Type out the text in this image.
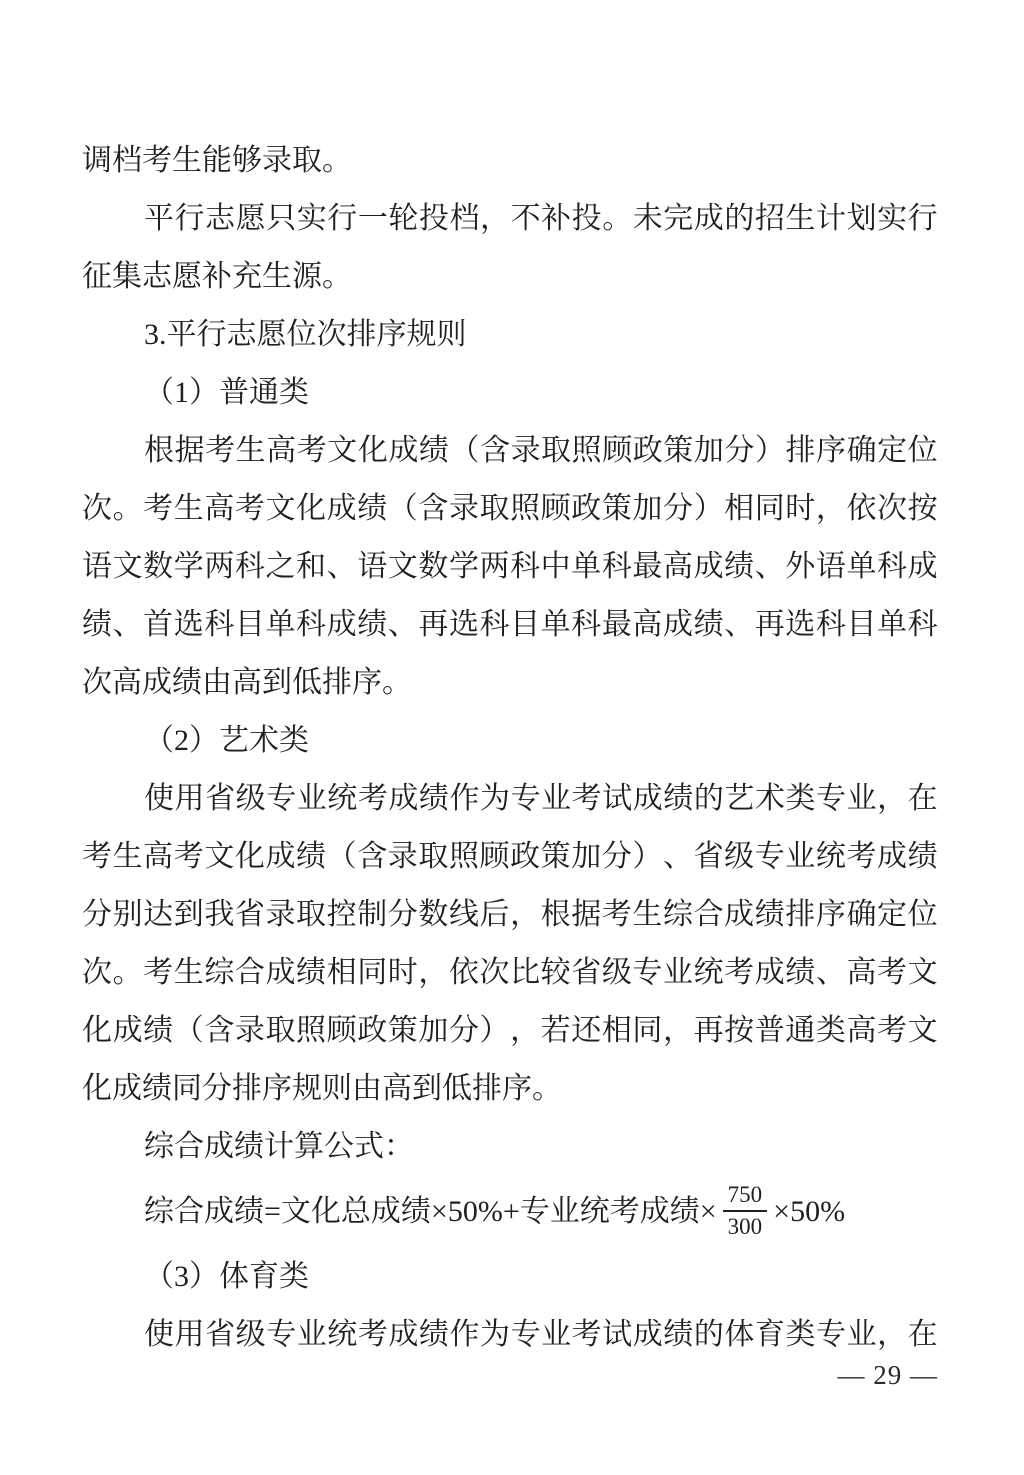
调档考生能够录取。
平 行 志 愿 只 实 行 一 轮 投 档 ， 不 补 投 。 未 完 成 的 招 生 计 划 实 行
征集志愿补充生源。
3.平行志愿位次排序规则
（1）普通类
根 据 考 生 高 考 文 化 成 绩 （ 含 录 取 照 顾 政 策 加 分 ） 排 序 确 定 位
次 。 考 生 高 考 文 化 成 绩 （ 含 录 取 照 顾 政 策 加 分 ） 相 同 时 ， 依 次 按
语 文 数 学 两 科 之 和 、 语 文 数 学 两 科 中 单 科 最 高 成 绩 、 外 语 单 科 成
绩 、 首 选 科 目 单 科 成 绩 、 再 选 科 目 单 科 最 高 成 绩 、 再 选 科 目 单 科
次高成绩由高到低排序。
（2）艺术类
使 用 省 级 专 业 统 考 成 绩 作 为 专 业 考 试 成 绩 的 艺 术 类 专 业 ， 在
考 生 高 考 文 化 成 绩 （ 含 录 取 照 顾 政 策 加 分 ） 、 省 级 专 业 统 考 成 绩
分 别 达 到 我 省 录 取 控 制 分 数 线 后 ， 根 据 考 生 综 合 成 绩 排 序 确 定 位
次 。 考 生 综 合 成 绩 相 同 时 ， 依 次 比 较 省 级 专 业 统 考 成 绩 、 高 考 文
化 成 绩 （ 含 录 取 照 顾 政 策 加 分 ） ， 若 还 相 同 ， 再 按 普 通 类 高 考 文
化成绩同分排序规则由高到低排序。
综合成绩计算公式：
综合成绩=文化总成绩×50%+专业统考成绩× $\frac{750}{300} \times 50\%$
（3）体育类
使 用 省 级 专 业 统 考 成 绩 作 为 专 业 考 试 成 绩 的 体 育 类 专 业 ， 在
— 29 —
